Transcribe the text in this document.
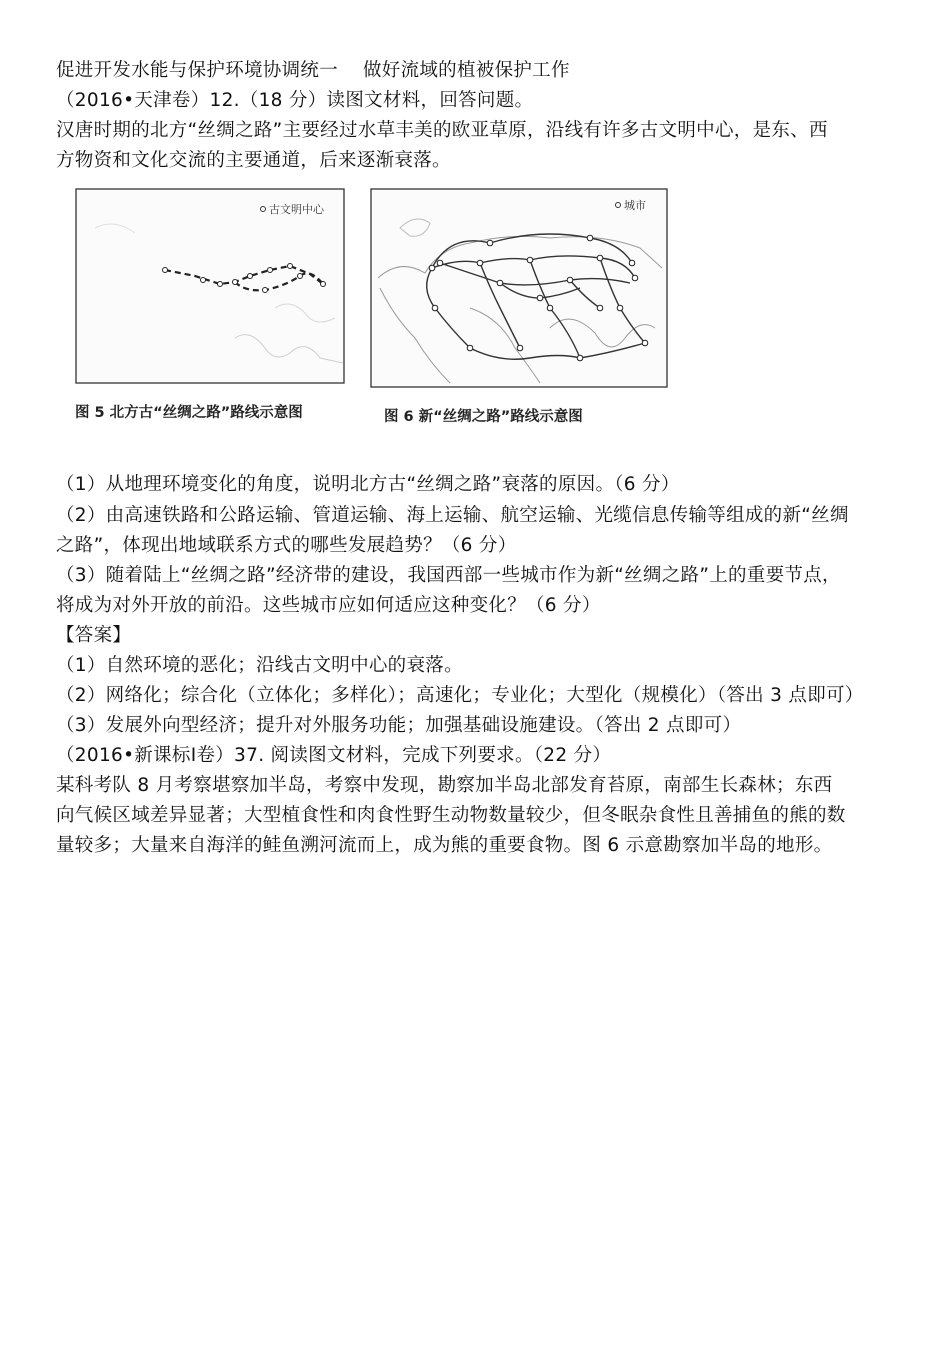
促进开发水能与保护环境协调统一　 做好流域的植被保护工作
（2016•天津卷）12.（18 分）读图文材料，回答问题。
汉唐时期的北方“丝绸之路”主要经过水草丰美的欧亚草原，沿线有许多古文明中心，是东、西
方物资和文化交流的主要通道，后来逐渐衰落。
古文明中心
图 5 北方古“丝绸之路”路线示意图
城市
图 6 新“丝绸之路”路线示意图
（1）从地理环境变化的角度，说明北方古“丝绸之路”衰落的原因。（6 分）
（2）由高速铁路和公路运输、管道运输、海上运输、航空运输、光缆信息传输等组成的新“丝绸
之路”，体现出地域联系方式的哪些发展趋势？（6 分）
（3）随着陆上“丝绸之路”经济带的建设，我国西部一些城市作为新“丝绸之路”上的重要节点，
将成为对外开放的前沿。这些城市应如何适应这种变化？（6 分）
【答案】
（1）自然环境的恶化；沿线古文明中心的衰落。
（2）网络化；综合化（立体化；多样化）；高速化；专业化；大型化（规模化）（答出 3 点即可）
（3）发展外向型经济；提升对外服务功能；加强基础设施建设。（答出 2 点即可）
（2016•新课标Ⅰ卷）37. 阅读图文材料，完成下列要求。（22 分）
某科考队 8 月考察堪察加半岛，考察中发现，勘察加半岛北部发育苔原，南部生长森林；东西
向气候区域差异显著；大型植食性和肉食性野生动物数量较少，但冬眠杂食性且善捕鱼的熊的数
量较多；大量来自海洋的鲑鱼溯河流而上，成为熊的重要食物。图 6 示意勘察加半岛的地形。
